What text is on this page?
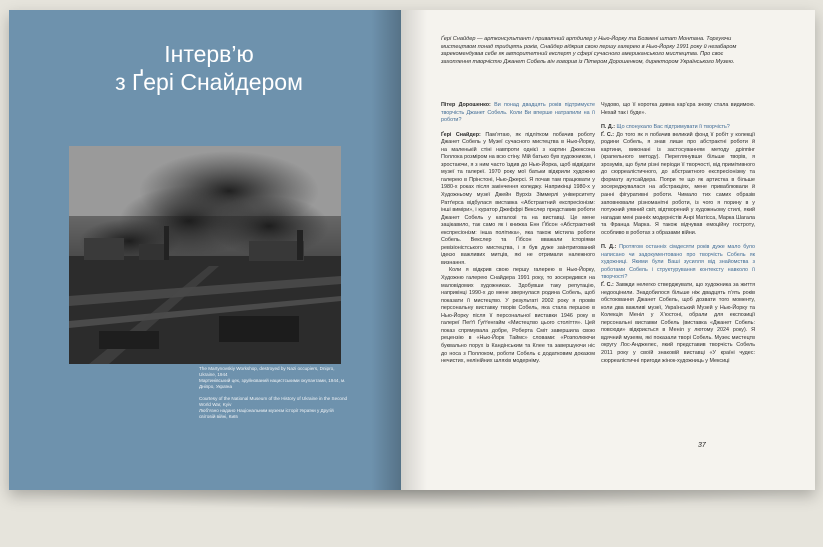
Інтерв’ю
з Ґері Снайдером

The Martynovskiy Workshop, destroyed by Nazi occupiers, Dnipro, Ukraine, 1944
Мартинівський цех, зруйнований нацистськими окупантами, 1944, м. Дніпро, Україна

Courtesy of the National Museum of the History of Ukraine in the Second World War, Kyiv
Люб’язно надано Національним музеєм історії України у Другій світовій війні, Київ

Ґері Снайдер — артконсультант і приватний артдилер у Нью-Йорку та Бозмені штат Монтана. Торгуючи мистецтвом понад тридцять років, Снайдер відкрив свою першу галерею в Нью-Йорку 1991 року й незабаром зарекомендував себе як авторитетний експерт у сфері сучасного американського мистецтва. Про своє захоплення творчістю Джанет Собель він говорив із Пітером Дорошенком, директором Українського Музею.

Пітер Дорошенко: Ви понад двадцять років підтримуєте творчість Джанет Собель. Коли Ви вперше натрапили на її роботи?

Ґері Снайдер: Пам’ятаю, як підлітком побачив роботу Джанет Собель у Музеї сучасного мистецтва в Нью-Йорку, на маленькій стіні навпроти однієї з картин Джексона Поллока розміром на всю стіну. Мій батько був художником, і зростаючи, я з ним часто їздив до Нью-Йорка, щоб відвідати музеї та галереї. 1970 року мої батьки відкрили художню галерею в Прінстоні, Нью-Джерсі. Я почав там працювати у 1980-х роках після закінчення коледжу. Наприкінці 1980-х у Художньому музеї Джейн Вурхіз Зіммерлі університету Ратґерса відбулася виставка «Абстрактний експресіонізм: інші виміри», і куратор Джеффрі Векслер представив роботи Джанет Собель у каталозі та на виставці. Це мене зацікавило, так само як і книжка Енн Ґібсон «Абстрактний експресіонізм: інша політика», яка також містила роботи Собель. Векслер та Ґібсон вважали історіями ревізіоністського мистецтва, і я був дуже заінтригований ідеєю важливих митців, які не отримали належного визнання.

Коли я відкрив свою першу галерею в Нью-Йорку, Художню галерею Снайдера 1991 року, то зосередився на маловідомих художниках. Здобувши таку репутацію, наприкінці 1990-х до мене звернулася родина Собель, щоб показати її мистецтво. У результаті 2002 року я провів персональну виставку творів Собель, яка стала першою в Нью-Йорку після її персональної виставки 1946 року в галереї Пеґґі Ґуґґенгайм «Мистецтво цього століття». Цей показ спрямувала добре, Роберта Сміт завершила свою рецензію в «Нью-Йорк Таймс» словами: «Розполюючи буквально порух із Кандінським та Клее та завершуючи ніс до носа з Поллоком, роботи Собель є додатковим доказом нечистих, нелінійних шляхів модерніму.

Чудово, що її коротка дивна кар’єра знову стала видимою. Нехай так і буде».

П. Д.: Що спонукало Вас підтримувати її творчість?

Ґ. С.: До того як я побачив великий фонд її робіт у колекції родини Собель, я знав лише про абстрактні роботи й картини, виконані із застосуванням методу дріппінг (крапельного методу). Переглянувши більше творів, я зрозумів, що були різні періоди її творчості, від примітивного до сюрреалістичного, до абстрактного експресіонізму та формату аутсайдера. Попри те що як артистка в більше зосереджувалася на абстракціях, мене приваблювали й ранні фігуративні роботи. Чимало тих самих образів заповнювали різноманітні роботи, із чого я порину в у потужний уявний світ, відтворений у художньому стилі, який нагадав мені ранніх модерністів Анрі Матісса, Марка Шагала та Франца Марка. Я також відчував емоційну гостроту, особливо в роботах з образами війни.

П. Д.: Протягом останніх сімдесяти років дуже мало було написано чи задокументовано про творчість Собель як художниці. Якими були Ваші зусилля від знайомства з роботами Собель і структурування контексту навколо її творчості?

Ґ. С.: Завжди нелегко стверджувати, що художника за життя недооцінили. Знадобилося більше ніж двадцять п’ять років обстоювання Джанет Собель, щоб дозвати того моменту, коли два важливі музеї, Український Музей у Нью-Йорку та Колекція Меніл у Х’юстоні, обрали для експозиції персональні виставки Собель (виставка «Джанет Собель: повсюди» відкриється в Меніл у лютому 2024 року). Я вдячний музеям, які показали творі Собель. Музеє мистецтв округу Лос-Анджелес, який представив творчість Собель 2011 року у своїй знаковій виставці «У країні чудес: сюрреалістичні пригоди жінок-художниць у Мексиці

37
